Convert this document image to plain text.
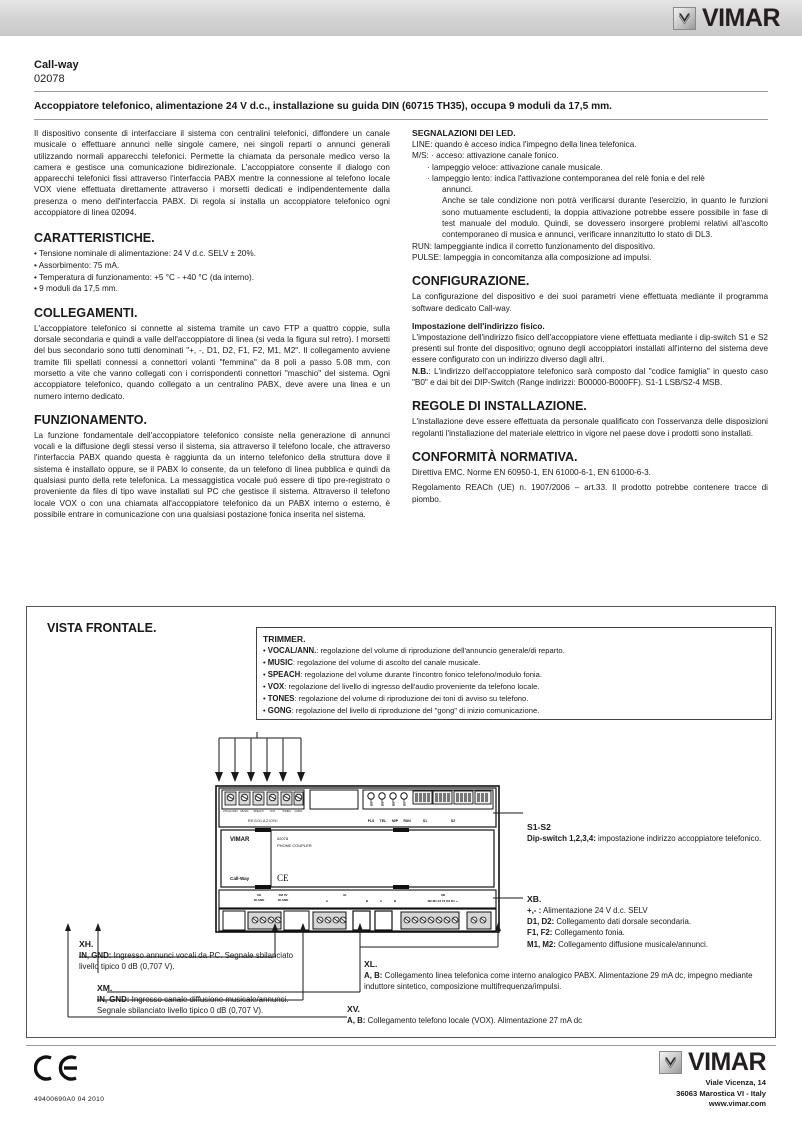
VIMAR
Call-way
02078
Accoppiatore telefonico, alimentazione 24 V d.c., installazione su guida DIN (60715 TH35), occupa 9 moduli da 17,5 mm.

Il dispositivo consente di interfacciare il sistema con centralini telefonici, diffondere un canale musicale o effettuare annunci nelle singole camere, nei singoli reparti o annunci generali utilizzando normali apparecchi telefonici. Permette la chiamata da personale medico verso la camera e gestisce una comunicazione bidirezionale. L'accoppiatore consente il dialogo con apparecchi telefonici fissi attraverso l'interfaccia PABX mentre la connessione al telefono locale VOX viene effettuata direttamente attraverso i morsetti dedicati e indipendentemente dalla presenza o meno dell'interfaccia PABX. Di regola si installa un accoppiatore telefonico ogni accoppiatore di linea 02094.

CARATTERISTICHE.
• Tensione nominale di alimentazione: 24 V d.c. SELV ± 20%.
• Assorbimento: 75 mA.
• Temperatura di funzionamento: +5 °C - +40 °C (da interno).
• 9 moduli da 17,5 mm.
COLLEGAMENTI.

L'accoppiatore telefonico si connette al sistema tramite un cavo FTP a quattro coppie, sulla dorsale secondaria e quindi a valle dell'accoppiatore di linea (si veda la figura sul retro). I morsetti del bus secondario sono tutti denominati "+, -, D1, D2, F1, F2, M1, M2". Il collegamento avviene tramite fili spellati connessi a connettori volanti "femmina" da 8 poli a passo 5.08 mm, con morsetto a vite che vanno collegati con i corrispondenti connettori "maschio" del sistema. Ogni accoppiatore telefonico, quando collegato a un centralino PABX, deve avere una linea e un numero interno dedicato.

FUNZIONAMENTO.

La funzione fondamentale dell'accoppiatore telefonico consiste nella generazione di annunci vocali e la diffusione degli stessi verso il sistema, sia attraverso il telefono locale, che attraverso l'interfaccia PABX quando questa è raggiunta da un interno telefonico della struttura dove il sistema è installato oppure, se il PABX lo consente, da un telefono di linea pubblica e quindi da qualsiasi punto della rete telefonica. La messaggistica vocale può essere di tipo pre-registrato o proveniente da files di tipo wave installati sul PC che gestisce il sistema. Attraverso il telefono locale VOX o con una chiamata all'accoppiatore telefonico da un PABX interno o esterno, è possibile entrare in comunicazione con una qualsiasi postazione fonica inserita nel sistema.

SEGNALAZIONI DEI LED.

LINE: quando è acceso indica l'impegno della linea telefonica.

M/S: · acceso: attivazione canale fonico.

· lampeggio veloce: attivazione canale musicale.

· lampeggio lento: indica l'attivazione contemporanea del relè fonia e del relè

annunci.

Anche se tale condizione non potrà verificarsi durante l'esercizio, in quanto le funzioni sono mutuamente escludenti, la doppia attivazione potrebbe essere possibile in fase di test manuale del modulo. Quindi, se dovessero insorgere problemi relativi all'ascolto contemporaneo di musica e annunci, verificare innanzitutto lo stato di DL3.

RUN: lampeggiante indica il corretto funzionamento del dispositivo.

PULSE: lampeggia in concomitanza alla composizione ad impulsi.

CONFIGURAZIONE.

La configurazione del dispositivo e dei suoi parametri viene effettuata mediante il programma software dedicato Call-way.

Impostazione dell'indirizzo fisico.

L'impostazione dell'indirizzo fisico dell'accoppiatore viene effettuata mediante i dip-switch S1 e S2 presenti sul fronte del dispositivo; ognuno degli accoppiatori installati all'interno del sistema deve essere configurato con un indirizzo diverso dagli altri.

N.B.: L'indirizzo dell'accoppiatore telefonico sarà composto dal "codice famiglia" in questo caso "B0" e dai bit dei DIP-Switch (Range indirizzi: B00000-B000FF). S1-1 LSB/S2-4 MSB.

REGOLE DI INSTALLAZIONE.

L'installazione deve essere effettuata da personale qualificato con l'osservanza delle disposizioni regolanti l'installazione del materiale elettrico in vigore nel paese dove i prodotti sono installati.

CONFORMITÀ NORMATIVA.

Direttiva EMC. Norme EN 60950-1, EN 61000-6-1, EN 61000-6-3.

Regolamento REACh (UE) n. 1907/2006 – art.33. Il prodotto potrebbe contenere tracce di piombo.

VISTA FRONTALE.
TRIMMER.
• VOCAL/ANN.: regolazione del volume di riproduzione dell'annuncio generale/di reparto.
• MUSIC: regolazione del volume di ascolto del canale musicale.
• SPEACH: regolazione del volume durante l'incontro fonico telefono/modulo fonia.
• VOX: regolazione del livello di ingresso dell'audio proveniente da telefono locale.
• TONES: regolazione del volume di riproduzione dei toni di avviso su telefono.
• GONG: regolazione del livello di riproduzione del "gong" di inizio comunicazione.
VOCAL/ANN. MUSIC SPEACH VOX	TONES GONG
REGOLAZIONI
DL4	DL3	DL2	DL1
PLS TEL M/P RUN	S1	S2
VIMAR	02078
PHONE COUPLER
Call-Way	CE
XH	XM 5V
IN GND	IN GND
XL
A	B	A	B
XB
M2 M1 F2 F1 D2 D1 +-
S1-S2
Dip-switch 1,2,3,4: impostazione indirizzo accoppiatore telefonico.
XB.
+,- : Alimentazione 24 V d.c. SELV
D1, D2: Collegamento dati dorsale secondaria.
F1, F2: Collegamento fonia.
M1, M2: Collegamento diffusione musicale/annunci.
XH.
IN, GND: Ingresso annunci vocali da PC. Segnale sbilanciato livello tipico 0 dB (0,707 V).
XM.
IN, GND: Ingresso canale diffusione musicale/annunci. Segnale sbilanciato livello tipico 0 dB (0,707 V).
XL.
A, B: Collegamento linea telefonica come interno analogico PABX. Alimentazione 29 mA dc, impegno mediante induttore sintetico, composizione multifrequenza/impulsi.
XV.
A, B: Collegamento telefono locale (VOX). Alimentazione 27 mA dc
49400690A0 04 2010
VIMAR
Viale Vicenza, 14
36063 Marostica VI - Italy
www.vimar.com
